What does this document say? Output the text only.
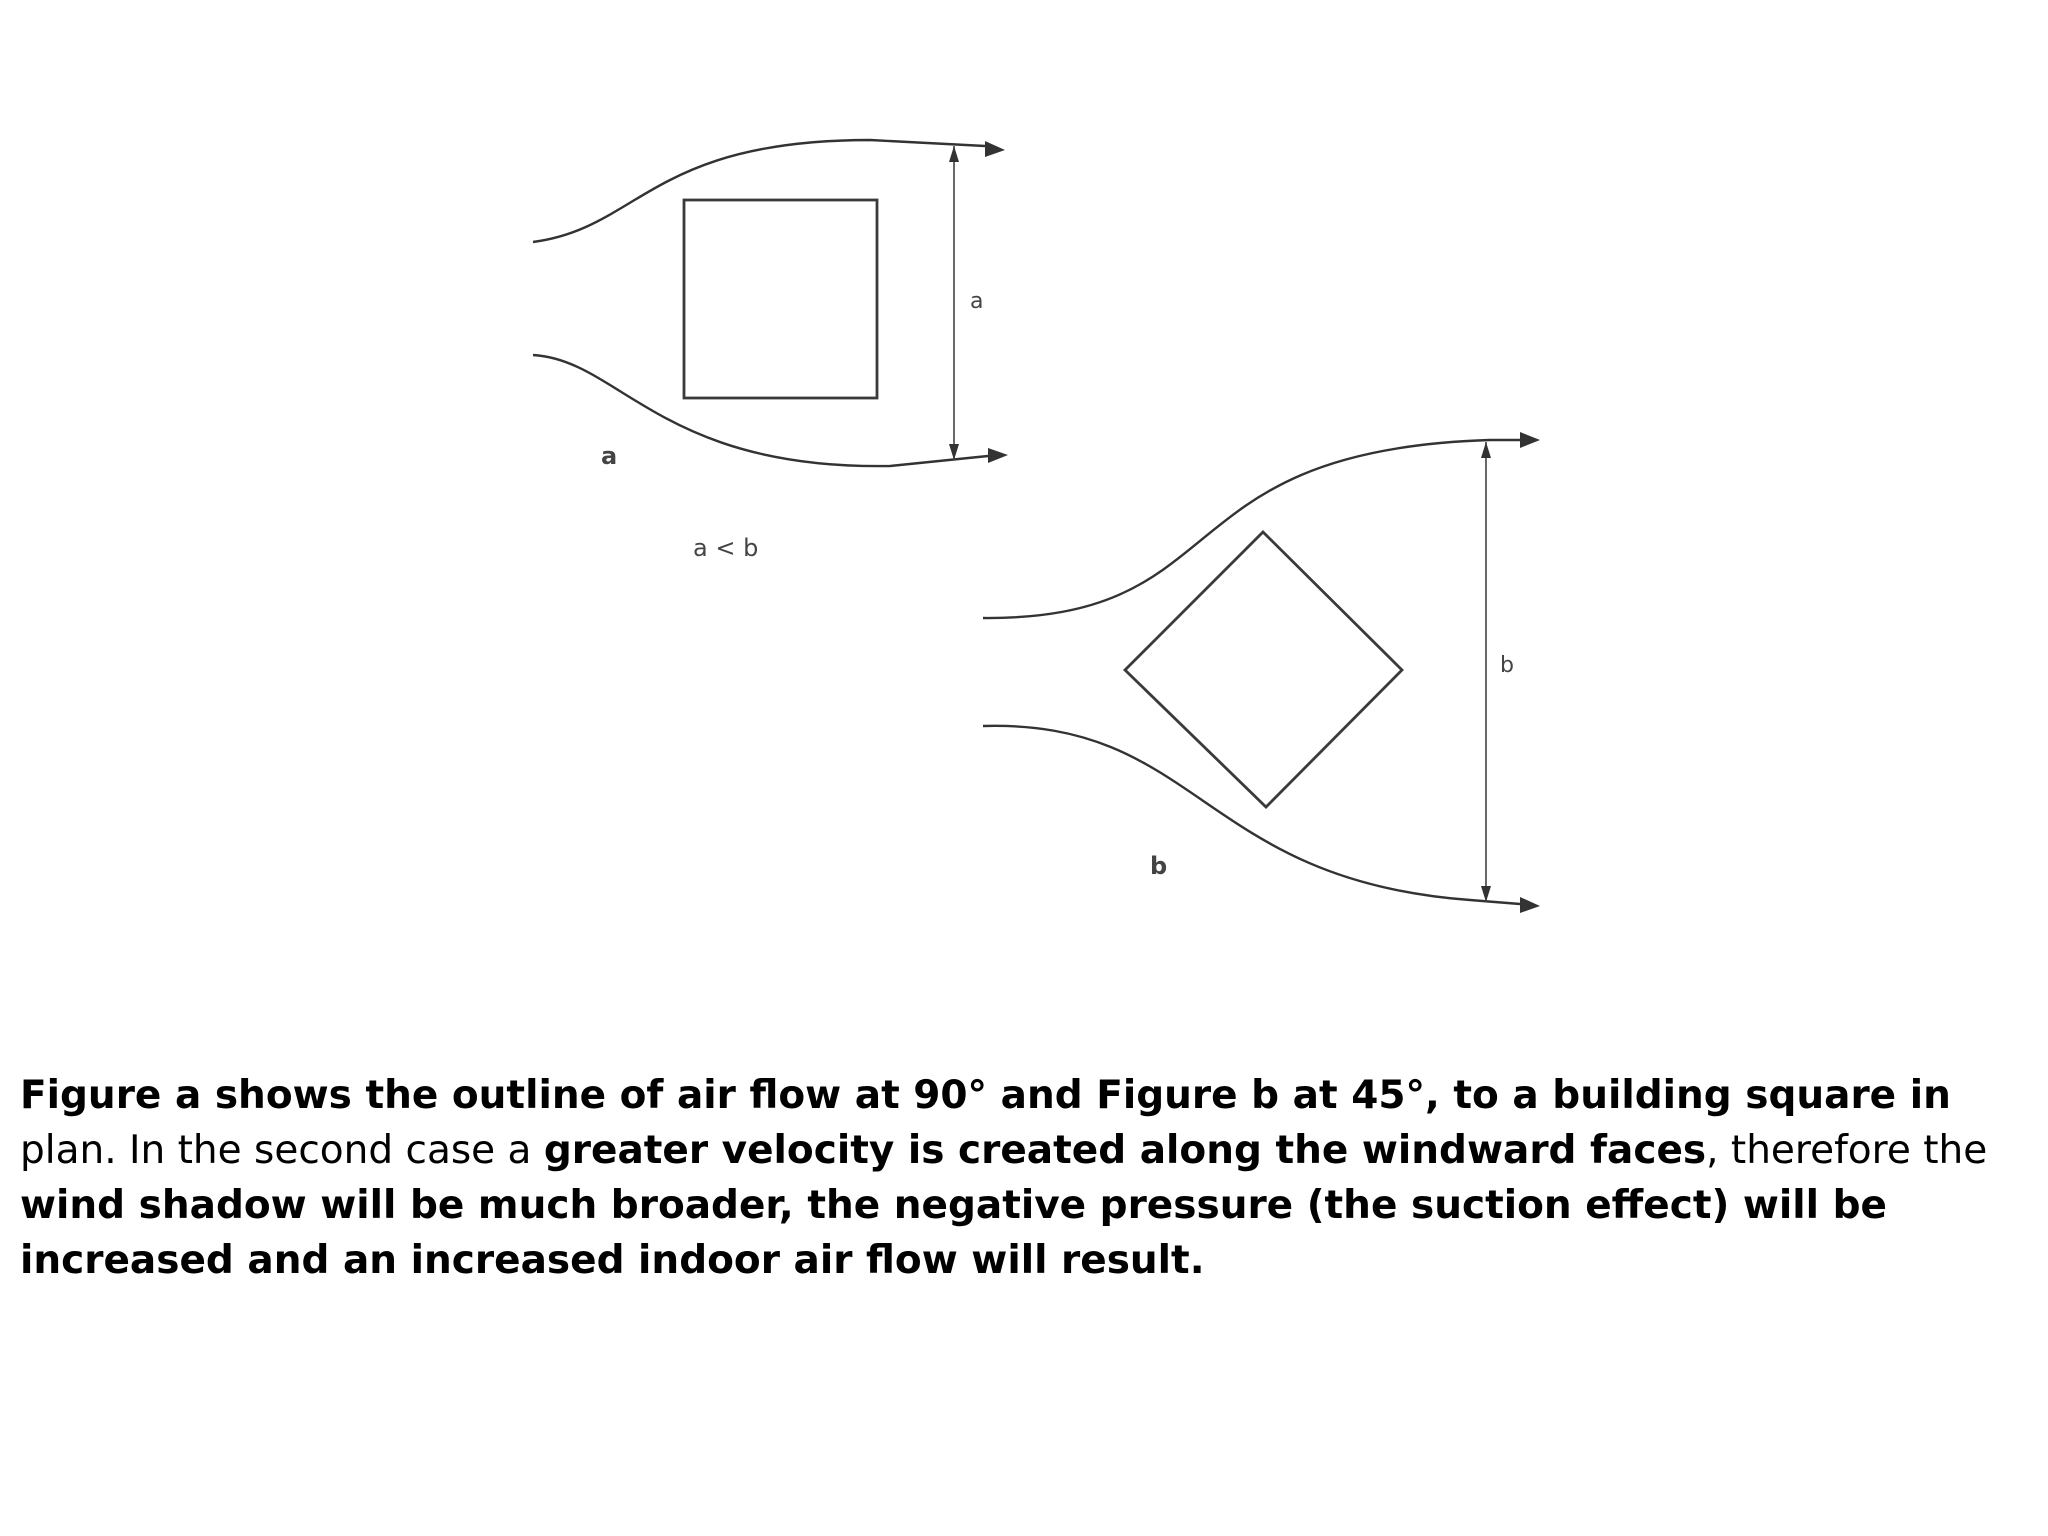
a
a
a < b
b
b

Figure a shows the outline of air flow at 90° and Figure b at 45°, to a building square in plan. In the second case a greater velocity is created along the windward faces, therefore the wind shadow will be much broader, the negative pressure (the suction effect) will be increased and an increased indoor air flow will result.
